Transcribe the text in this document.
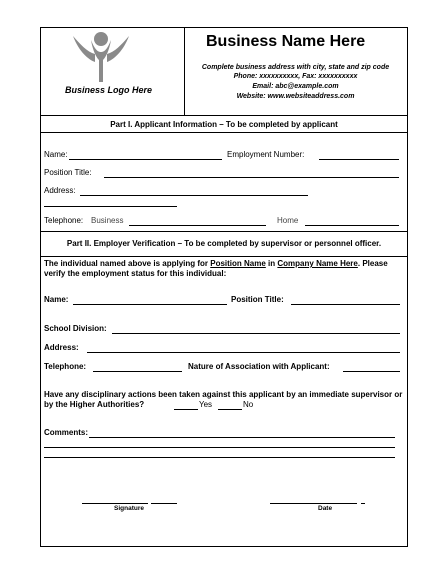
Business Logo Here
Business Name Here
Complete business address with city, state and zip code
Phone: xxxxxxxxxx, Fax: xxxxxxxxxx
Email: abc@example.com
Website: www.websiteaddress.com
Part I. Applicant Information – To be completed by applicant
Name:	Employment Number:
Position Title:
Address:
Telephone: Business	Home
Part II. Employer Verification – To be completed by supervisor or personnel officer.
The individual named above is applying for Position Name in Company Name Here. Please
verify the employment status for this individual:
Name:	Position Title:
School Division:
Address:
Telephone:	Nature of Association with Applicant:
Have any disciplinary actions been taken against this applicant by an immediate supervisor or
by the Higher Authorities?	Yes	No
Comments:
Signature	Date
